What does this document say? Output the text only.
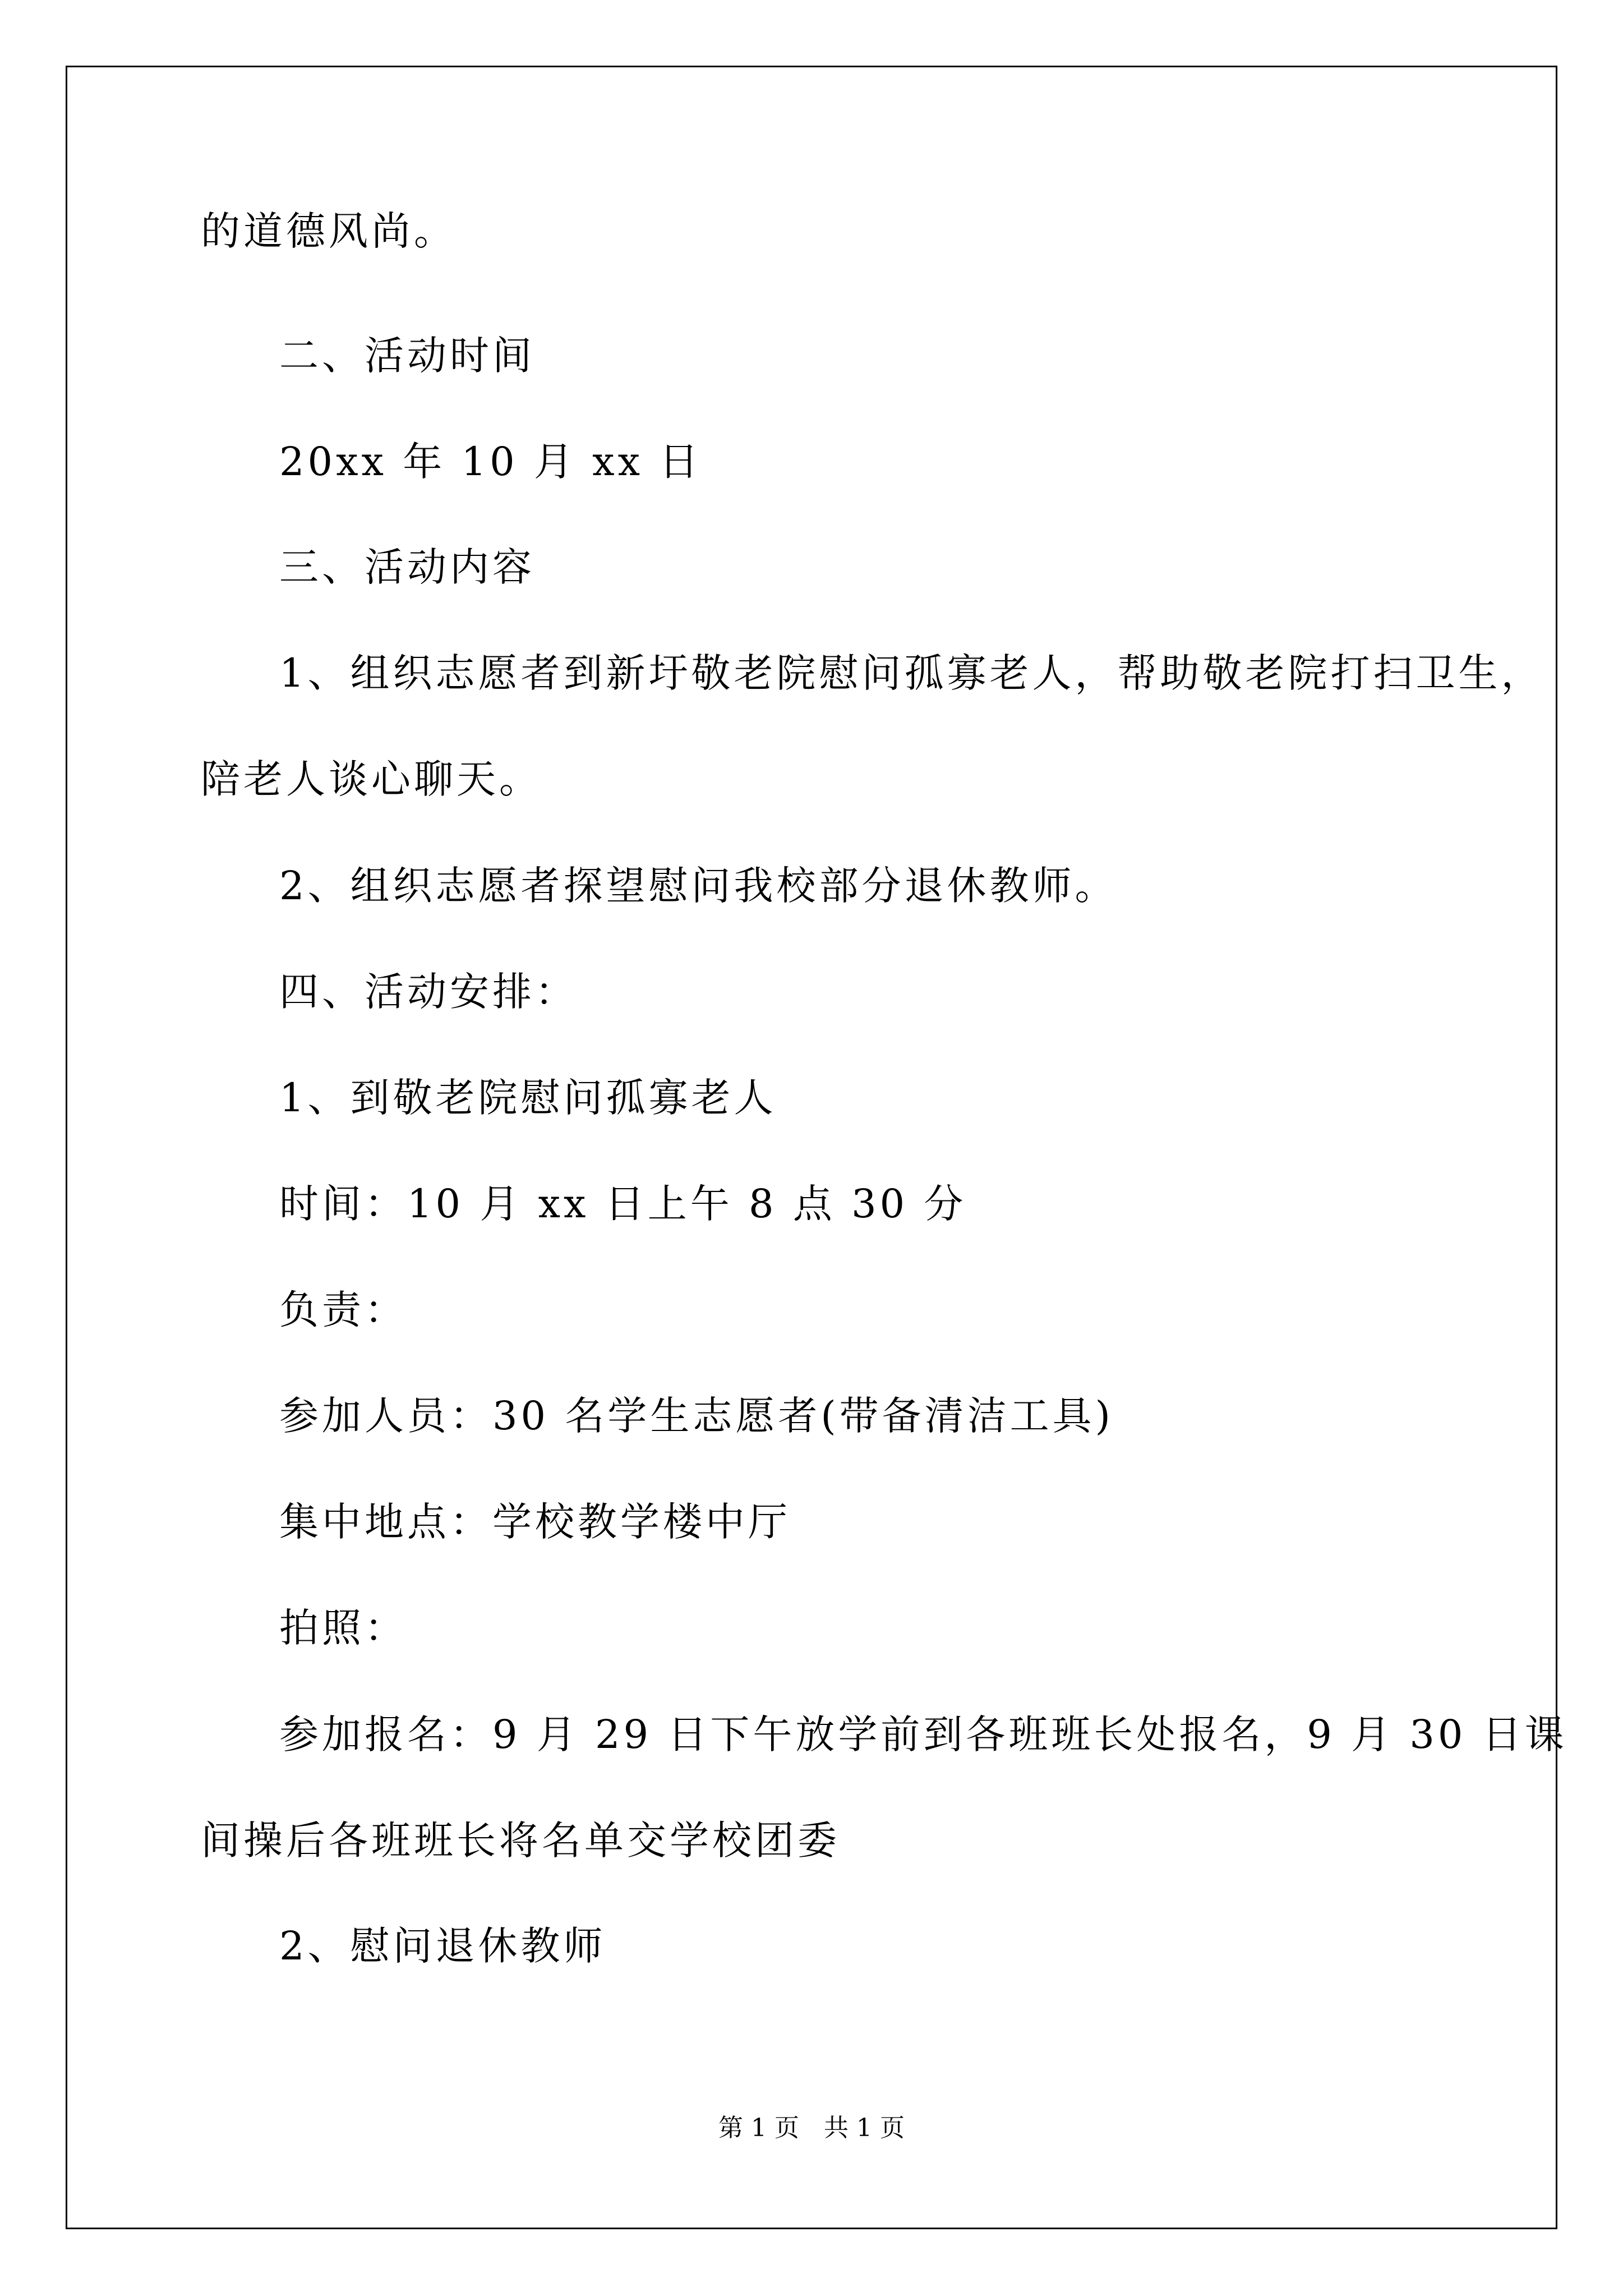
的道德风尚。
二、活动时间
20xx 年 10 月 xx 日
三、活动内容
1、组织志愿者到新圩敬老院慰问孤寡老人，帮助敬老院打扫卫生，
陪老人谈心聊天。
2、组织志愿者探望慰问我校部分退休教师。
四、活动安排：
1、到敬老院慰问孤寡老人
时间：10 月 xx 日上午 8 点 30 分
负责：
参加人员：30 名学生志愿者(带备清洁工具)
集中地点：学校教学楼中厅
拍照：
参加报名：9 月 29 日下午放学前到各班班长处报名，9 月 30 日课
间操后各班班长将名单交学校团委
2、慰问退休教师
第 1 页　共 1 页
